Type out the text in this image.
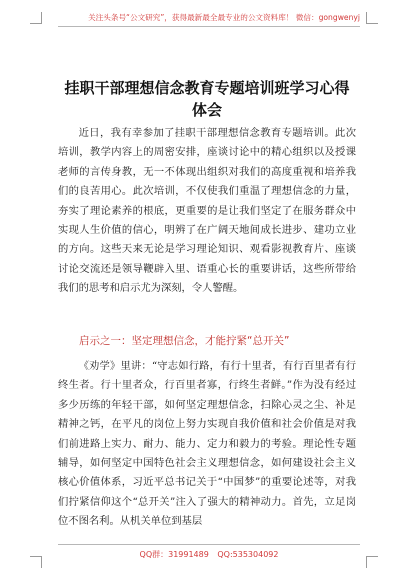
关注头条号“公文研究”，获得最新最全最专业的公文资料库！ 微信：gongwenyj
挂职干部理想信念教育专题培训班学习心得体会
近日，我有幸参加了挂职干部理想信念教育专题培训。此次培训，教学内容上的周密安排，座谈讨论中的精心组织以及授课老师的言传身教，无一不体现出组织对我们的高度重视和培养我们的良苦用心。此次培训，不仅使我们重温了理想信念的力量，夯实了理论素养的根底，更重要的是让我们坚定了在服务群众中实现人生价值的信心，明辨了在广阔天地间成长进步、建功立业的方向。这些天来无论是学习理论知识、观看影视教育片、座谈讨论交流还是领导鞭辟入里、语重心长的重要讲话，这些所带给我们的思考和启示尤为深刻，令人警醒。
启示之一：坚定理想信念，才能拧紧“总开关”
《劝学》里讲：“守志如行路，有行十里者，有行百里者有行终生者。行十里者众，行百里者寡，行终生者鲜。”作为没有经过多少历练的年轻干部，如何坚定理想信念，扫除心灵之尘、补足精神之钙，在平凡的岗位上努力实现自我价值和社会价值是对我们前进路上实力、耐力、能力、定力和毅力的考验。理论性专题辅导，如何坚定中国特色社会主义理想信念，如何建设社会主义核心价值体系，习近平总书记关于“中国梦”的重要论述等，对我们拧紧信仰这个“总开关”注入了强大的精神动力。首先，立足岗位不图名利。从机关单位到基层
QQ群：31991489 QQ:535304092
